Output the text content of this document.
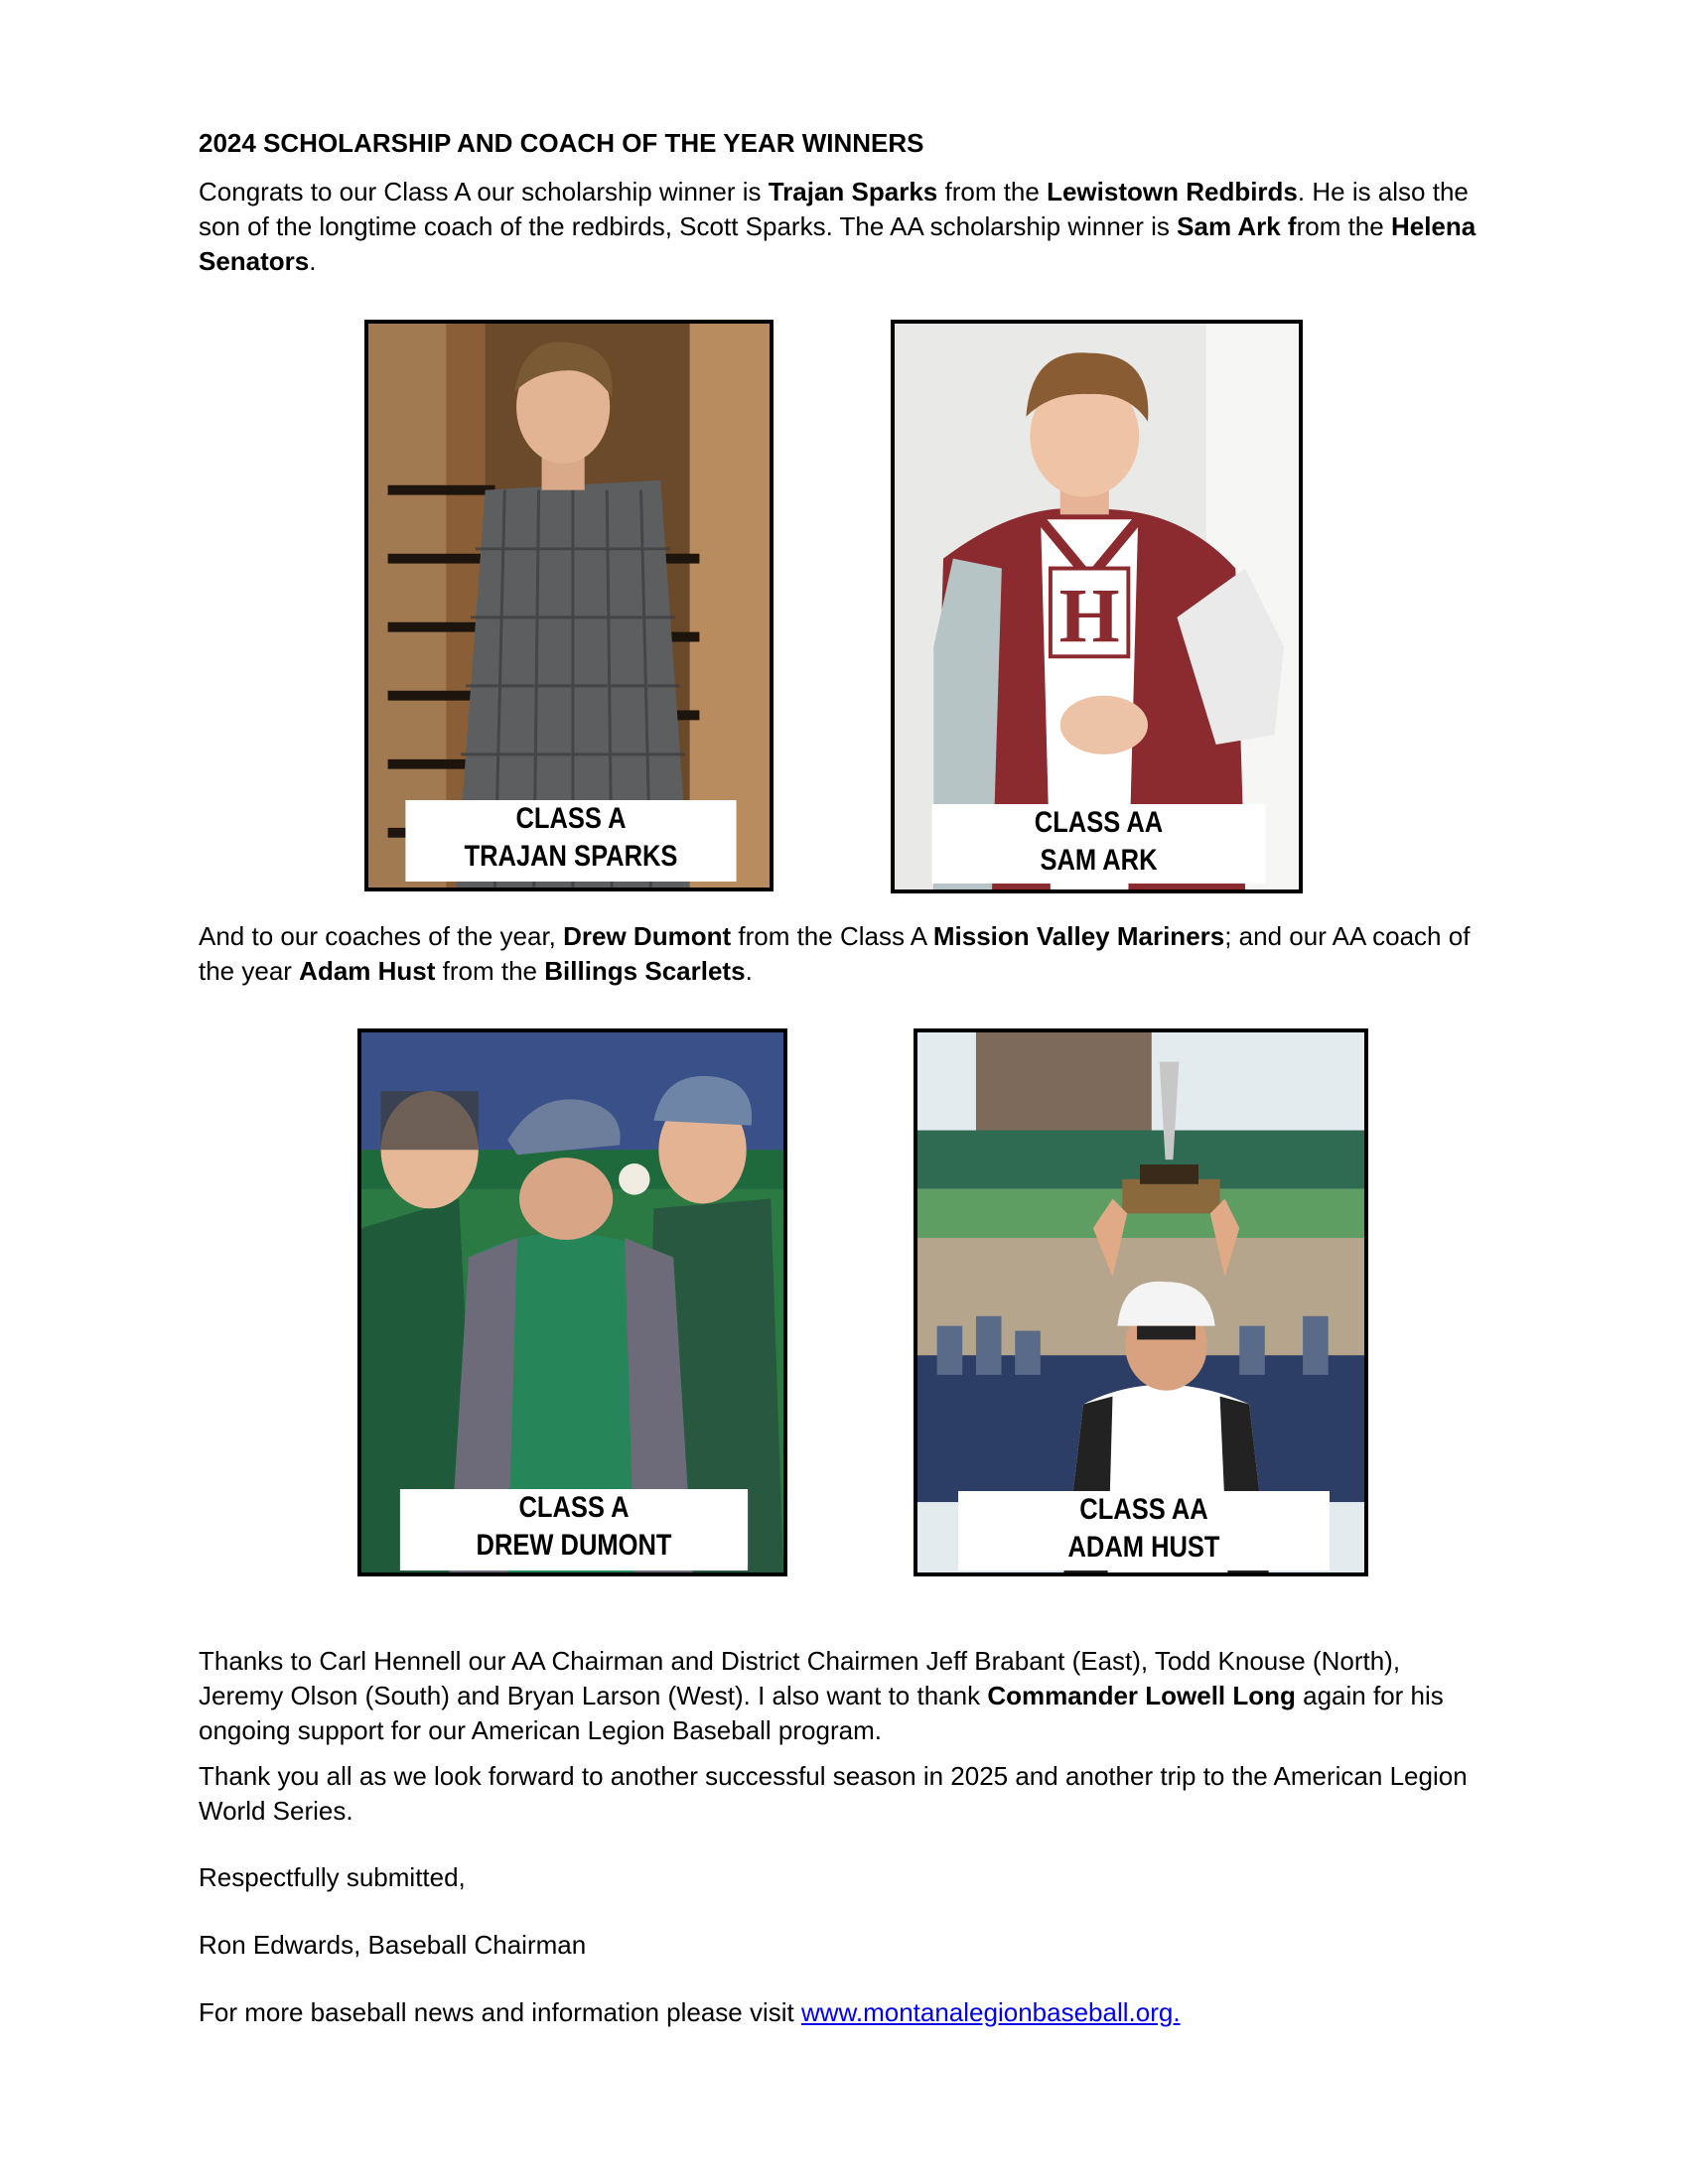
2024 SCHOLARSHIP AND COACH OF THE YEAR WINNERS

Congrats to our Class A our scholarship winner is Trajan Sparks from the Lewistown Redbirds. He is also the son of the longtime coach of the redbirds, Scott Sparks. The AA scholarship winner is Sam Ark from the Helena Senators.

CLASS A
TRAJAN SPARKS
H
CLASS AA
SAM ARK

And to our coaches of the year, Drew Dumont from the Class A Mission Valley Mariners; and our AA coach of the year Adam Hust from the Billings Scarlets.

CLASS A
DREW DUMONT
CLASS AA
ADAM HUST

Thanks to Carl Hennell our AA Chairman and District Chairmen Jeff Brabant (East), Todd Knouse (North), Jeremy Olson (South) and Bryan Larson (West). I also want to thank Commander Lowell Long again for his ongoing support for our American Legion Baseball program.

Thank you all as we look forward to another successful season in 2025 and another trip to the American Legion World Series.

Respectfully submitted,

Ron Edwards, Baseball Chairman

For more baseball news and information please visit www.montanalegionbaseball.org.
